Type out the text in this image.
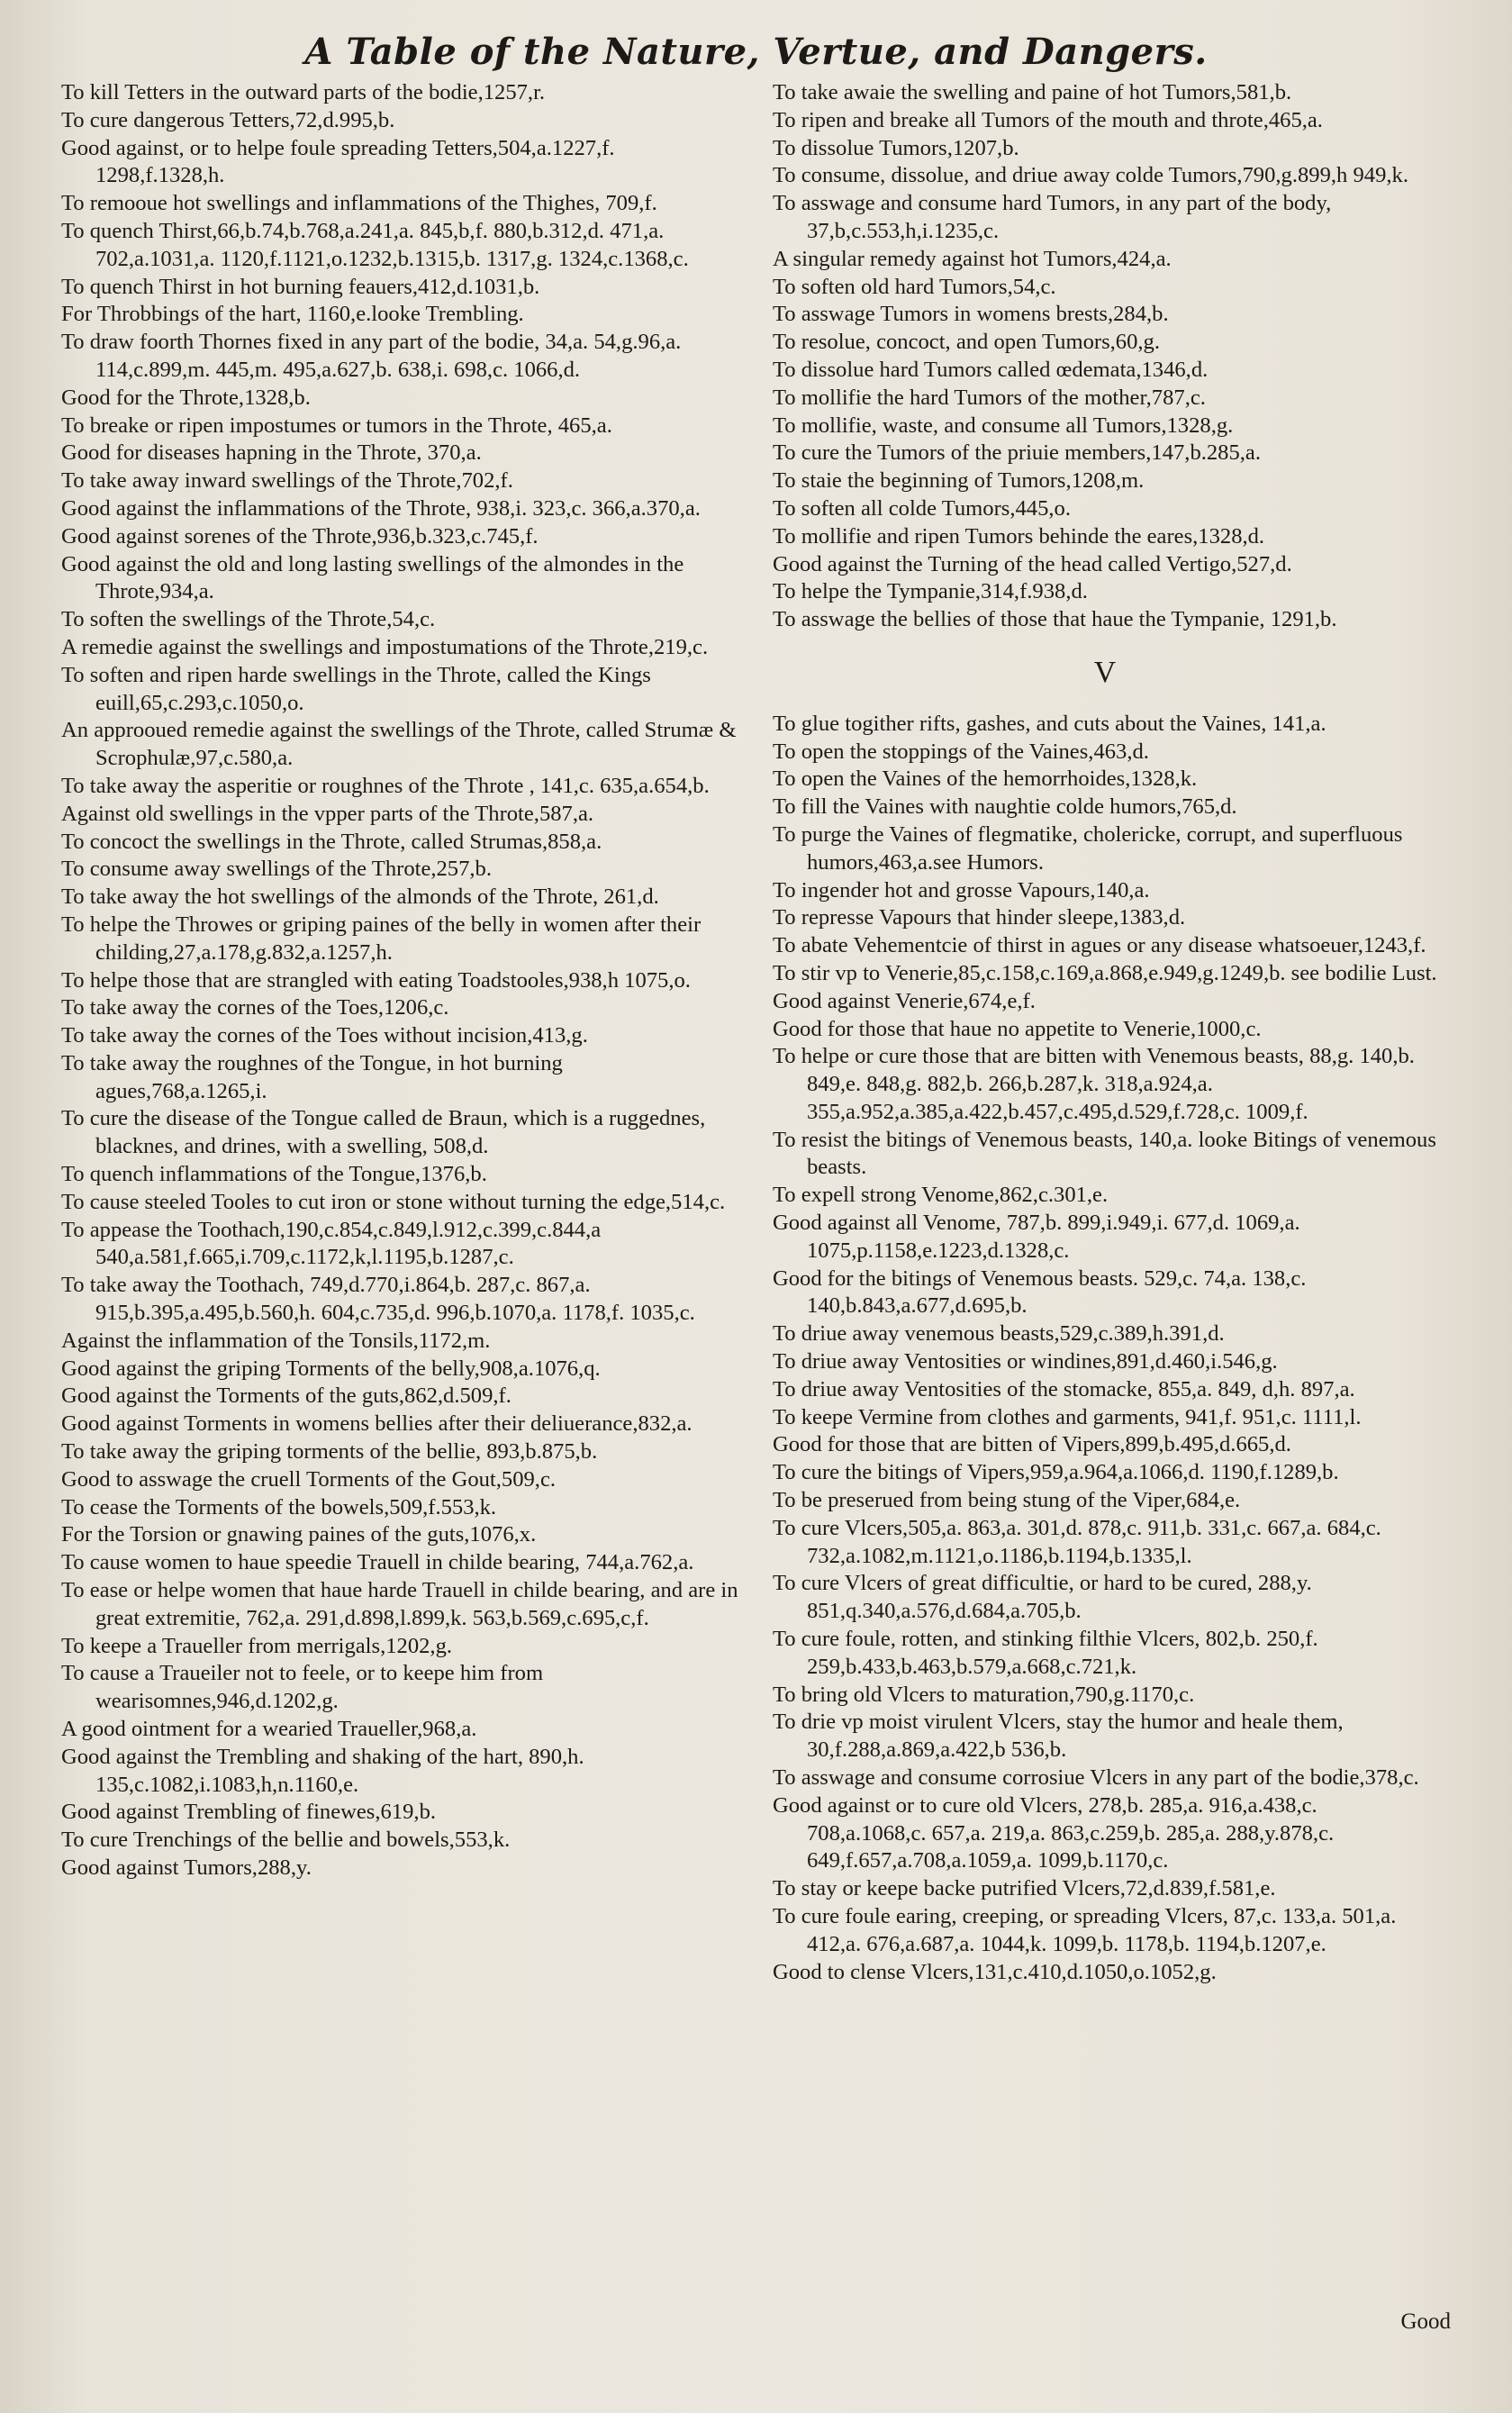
A Table of the Nature, Vertue, and Dangers.

To kill Tetters in the outward parts of the bodie,1257,r.

To cure dangerous Tetters,72,d.995,b.

Good against, or to helpe foule spreading Tetters,504,a.1227,f. 1298,f.1328,h.

To remooue hot swellings and inflammations of the Thighes, 709,f.

To quench Thirst,66,b.74,b.768,a.241,a. 845,b,f. 880,b.312,d. 471,a. 702,a.1031,a. 1120,f.1121,o.1232,b.1315,b. 1317,g. 1324,c.1368,c.

To quench Thirst in hot burning feauers,412,d.1031,b.

For Throbbings of the hart, 1160,e.looke Trembling.

To draw foorth Thornes fixed in any part of the bodie, 34,a. 54,g.96,a. 114,c.899,m. 445,m. 495,a.627,b. 638,i. 698,c. 1066,d.

Good for the Throte,1328,b.

To breake or ripen impostumes or tumors in the Throte, 465,a.

Good for diseases hapning in the Throte, 370,a.

To take away inward swellings of the Throte,702,f.

Good against the inflammations of the Throte, 938,i. 323,c. 366,a.370,a.

Good against sorenes of the Throte,936,b.323,c.745,f.

Good against the old and long lasting swellings of the almondes in the Throte,934,a.

To soften the swellings of the Throte,54,c.

A remedie against the swellings and impostumations of the Throte,219,c.

To soften and ripen harde swellings in the Throte, called the Kings euill,65,c.293,c.1050,o.

An approoued remedie against the swellings of the Throte, called Strumæ & Scrophulæ,97,c.580,a.

To take away the asperitie or roughnes of the Throte , 141,c. 635,a.654,b.

Against old swellings in the vpper parts of the Throte,587,a.

To concoct the swellings in the Throte, called Strumas,858,a.

To consume away swellings of the Throte,257,b.

To take away the hot swellings of the almonds of the Throte, 261,d.

To helpe the Throwes or griping paines of the belly in women after their childing,27,a.178,g.832,a.1257,h.

To helpe those that are strangled with eating Toadstooles,938,h 1075,o.

To take away the cornes of the Toes,1206,c.

To take away the cornes of the Toes without incision,413,g.

To take away the roughnes of the Tongue, in hot burning agues,768,a.1265,i.

To cure the disease of the Tongue called de Braun, which is a ruggednes, blacknes, and drines, with a swelling, 508,d.

To quench inflammations of the Tongue,1376,b.

To cause steeled Tooles to cut iron or stone without turning the edge,514,c.

To appease the Toothach,190,c.854,c.849,l.912,c.399,c.844,a 540,a.581,f.665,i.709,c.1172,k,l.1195,b.1287,c.

To take away the Toothach, 749,d.770,i.864,b. 287,c. 867,a. 915,b.395,a.495,b.560,h. 604,c.735,d. 996,b.1070,a. 1178,f. 1035,c.

Against the inflammation of the Tonsils,1172,m.

Good against the griping Torments of the belly,908,a.1076,q.

Good against the Torments of the guts,862,d.509,f.

Good against Torments in womens bellies after their deliuerance,832,a.

To take away the griping torments of the bellie, 893,b.875,b.

Good to asswage the cruell Torments of the Gout,509,c.

To cease the Torments of the bowels,509,f.553,k.

For the Torsion or gnawing paines of the guts,1076,x.

To cause women to haue speedie Trauell in childe bearing, 744,a.762,a.

To ease or helpe women that haue harde Trauell in childe bearing, and are in great extremitie, 762,a. 291,d.898,l.899,k. 563,b.569,c.695,c,f.

To keepe a Traueller from merrigals,1202,g.

To cause a Traueiler not to feele, or to keepe him from wearisomnes,946,d.1202,g.

A good ointment for a wearied Traueller,968,a.

Good against the Trembling and shaking of the hart, 890,h. 135,c.1082,i.1083,h,n.1160,e.

Good against Trembling of finewes,619,b.

To cure Trenchings of the bellie and bowels,553,k.

Good against Tumors,288,y.

To take awaie the swelling and paine of hot Tumors,581,b.

To ripen and breake all Tumors of the mouth and throte,465,a.

To dissolue Tumors,1207,b.

To consume, dissolue, and driue away colde Tumors,790,g.899,h 949,k.

To asswage and consume hard Tumors, in any part of the body, 37,b,c.553,h,i.1235,c.

A singular remedy against hot Tumors,424,a.

To soften old hard Tumors,54,c.

To asswage Tumors in womens brests,284,b.

To resolue, concoct, and open Tumors,60,g.

To dissolue hard Tumors called œdemata,1346,d.

To mollifie the hard Tumors of the mother,787,c.

To mollifie, waste, and consume all Tumors,1328,g.

To cure the Tumors of the priuie members,147,b.285,a.

To staie the beginning of Tumors,1208,m.

To soften all colde Tumors,445,o.

To mollifie and ripen Tumors behinde the eares,1328,d.

Good against the Turning of the head called Vertigo,527,d.

To helpe the Tympanie,314,f.938,d.

To asswage the bellies of those that haue the Tympanie, 1291,b.

V

To glue togither rifts, gashes, and cuts about the Vaines, 141,a.

To open the stoppings of the Vaines,463,d.

To open the Vaines of the hemorrhoides,1328,k.

To fill the Vaines with naughtie colde humors,765,d.

To purge the Vaines of flegmatike, cholericke, corrupt, and superfluous humors,463,a.see Humors.

To ingender hot and grosse Vapours,140,a.

To represse Vapours that hinder sleepe,1383,d.

To abate Vehementcie of thirst in agues or any disease whatsoeuer,1243,f.

To stir vp to Venerie,85,c.158,c.169,a.868,e.949,g.1249,b. see bodilie Lust.

Good against Venerie,674,e,f.

Good for those that haue no appetite to Venerie,1000,c.

To helpe or cure those that are bitten with Venemous beasts, 88,g. 140,b. 849,e. 848,g. 882,b. 266,b.287,k. 318,a.924,a. 355,a.952,a.385,a.422,b.457,c.495,d.529,f.728,c. 1009,f.

To resist the bitings of Venemous beasts, 140,a. looke Bitings of venemous beasts.

To expell strong Venome,862,c.301,e.

Good against all Venome, 787,b. 899,i.949,i. 677,d. 1069,a. 1075,p.1158,e.1223,d.1328,c.

Good for the bitings of Venemous beasts. 529,c. 74,a. 138,c. 140,b.843,a.677,d.695,b.

To driue away venemous beasts,529,c.389,h.391,d.

To driue away Ventosities or windines,891,d.460,i.546,g.

To driue away Ventosities of the stomacke, 855,a. 849, d,h. 897,a.

To keepe Vermine from clothes and garments, 941,f. 951,c. 1111,l.

Good for those that are bitten of Vipers,899,b.495,d.665,d.

To cure the bitings of Vipers,959,a.964,a.1066,d. 1190,f.1289,b.

To be preserued from being stung of the Viper,684,e.

To cure Vlcers,505,a. 863,a. 301,d. 878,c. 911,b. 331,c. 667,a. 684,c. 732,a.1082,m.1121,o.1186,b.1194,b.1335,l.

To cure Vlcers of great difficultie, or hard to be cured, 288,y. 851,q.340,a.576,d.684,a.705,b.

To cure foule, rotten, and stinking filthie Vlcers, 802,b. 250,f. 259,b.433,b.463,b.579,a.668,c.721,k.

To bring old Vlcers to maturation,790,g.1170,c.

To drie vp moist virulent Vlcers, stay the humor and heale them, 30,f.288,a.869,a.422,b 536,b.

To asswage and consume corrosiue Vlcers in any part of the bodie,378,c.

Good against or to cure old Vlcers, 278,b. 285,a. 916,a.438,c. 708,a.1068,c. 657,a. 219,a. 863,c.259,b. 285,a. 288,y.878,c. 649,f.657,a.708,a.1059,a. 1099,b.1170,c.

To stay or keepe backe putrified Vlcers,72,d.839,f.581,e.

To cure foule earing, creeping, or spreading Vlcers, 87,c. 133,a. 501,a. 412,a. 676,a.687,a. 1044,k. 1099,b. 1178,b. 1194,b.1207,e.

Good to clense Vlcers,131,c.410,d.1050,o.1052,g.

Good
